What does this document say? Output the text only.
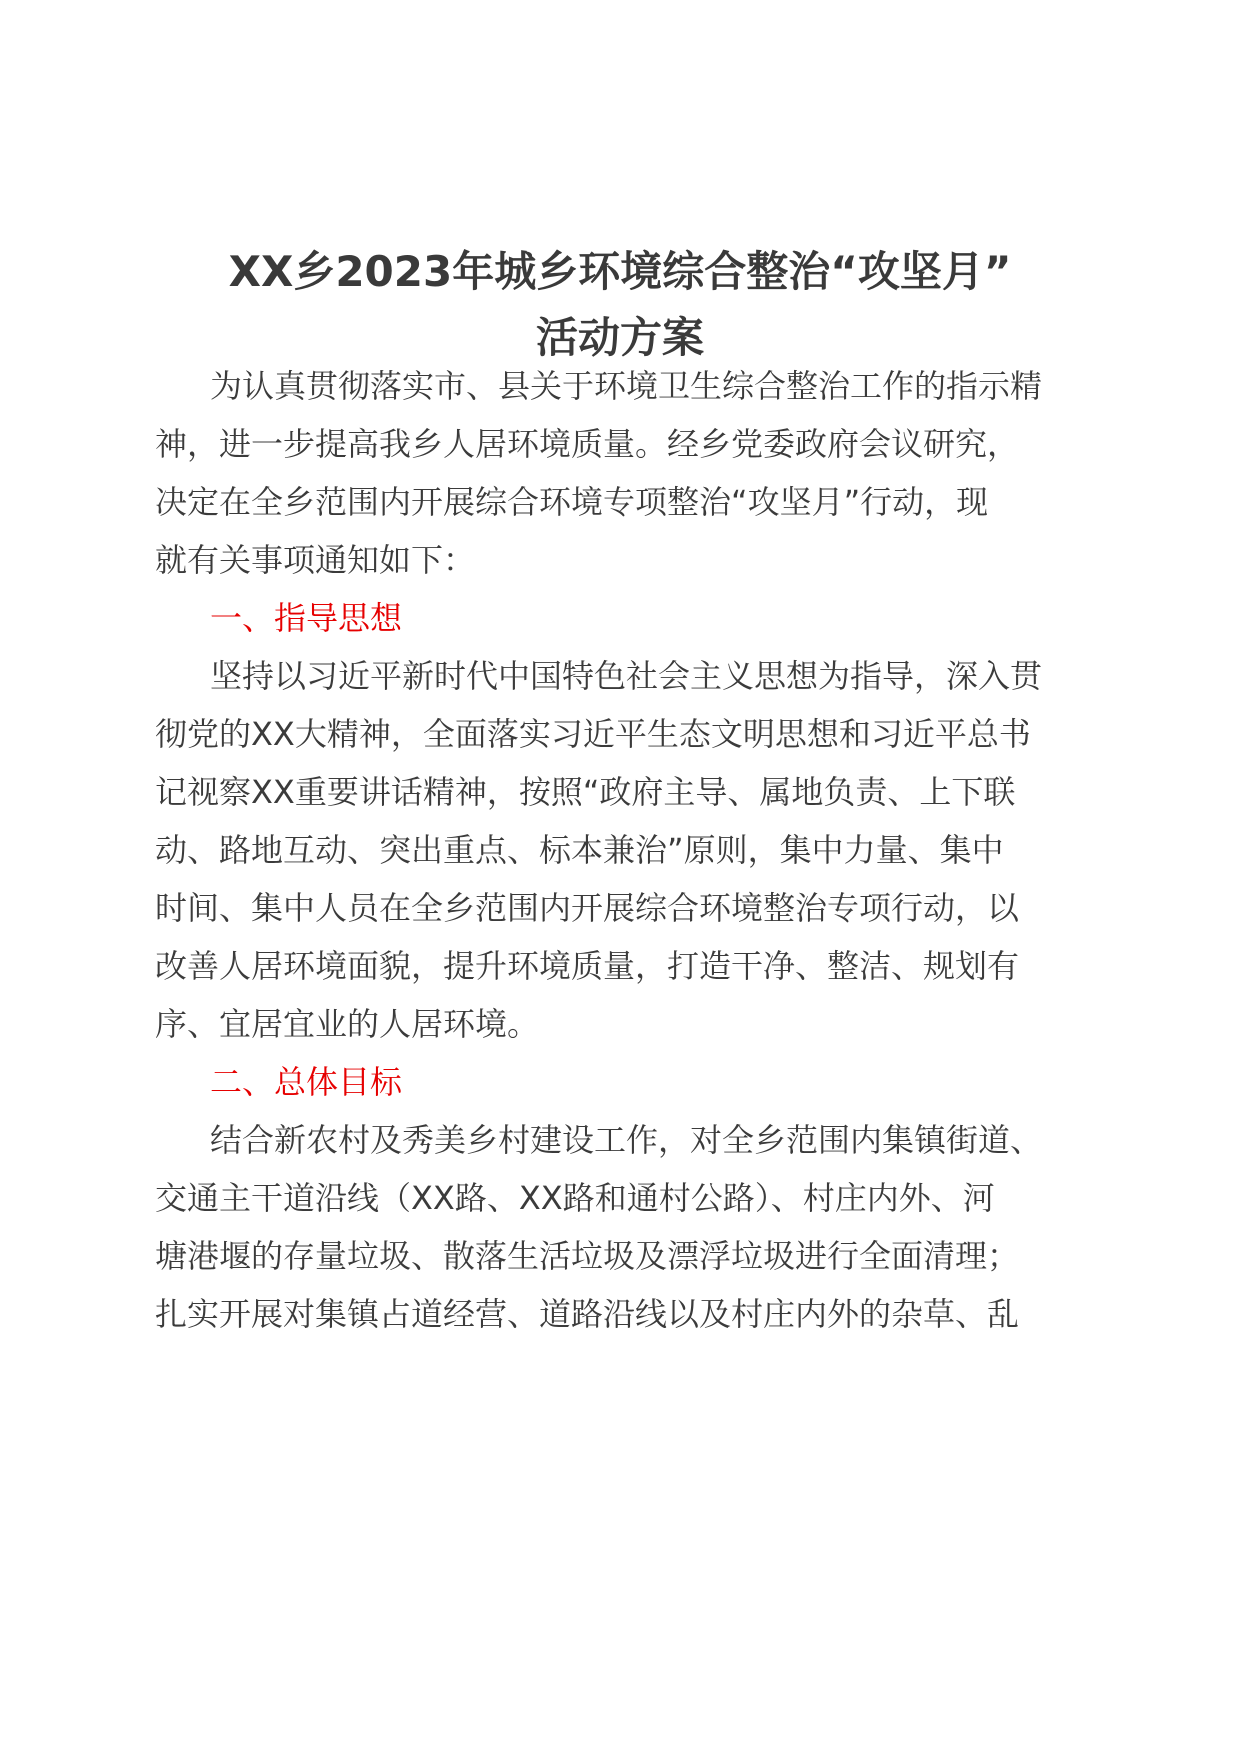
XX乡2023年城乡环境综合整治“攻坚月”
活动方案
为认真贯彻落实市、县关于环境卫生综合整治工作的指示精
神，进一步提高我乡人居环境质量。经乡党委政府会议研究，
决定在全乡范围内开展综合环境专项整治“攻坚月”行动，现
就有关事项通知如下：
一、指导思想
坚持以习近平新时代中国特色社会主义思想为指导，深入贯
彻党的XX大精神，全面落实习近平生态文明思想和习近平总书
记视察XX重要讲话精神，按照“政府主导、属地负责、上下联
动、路地互动、突出重点、标本兼治”原则，集中力量、集中
时间、集中人员在全乡范围内开展综合环境整治专项行动，以
改善人居环境面貌，提升环境质量，打造干净、整洁、规划有
序、宜居宜业的人居环境。
二、总体目标
结合新农村及秀美乡村建设工作，对全乡范围内集镇街道、
交通主干道沿线（XX路、XX路和通村公路）、村庄内外、河
塘港堰的存量垃圾、散落生活垃圾及漂浮垃圾进行全面清理；
扎实开展对集镇占道经营、道路沿线以及村庄内外的杂草、乱
